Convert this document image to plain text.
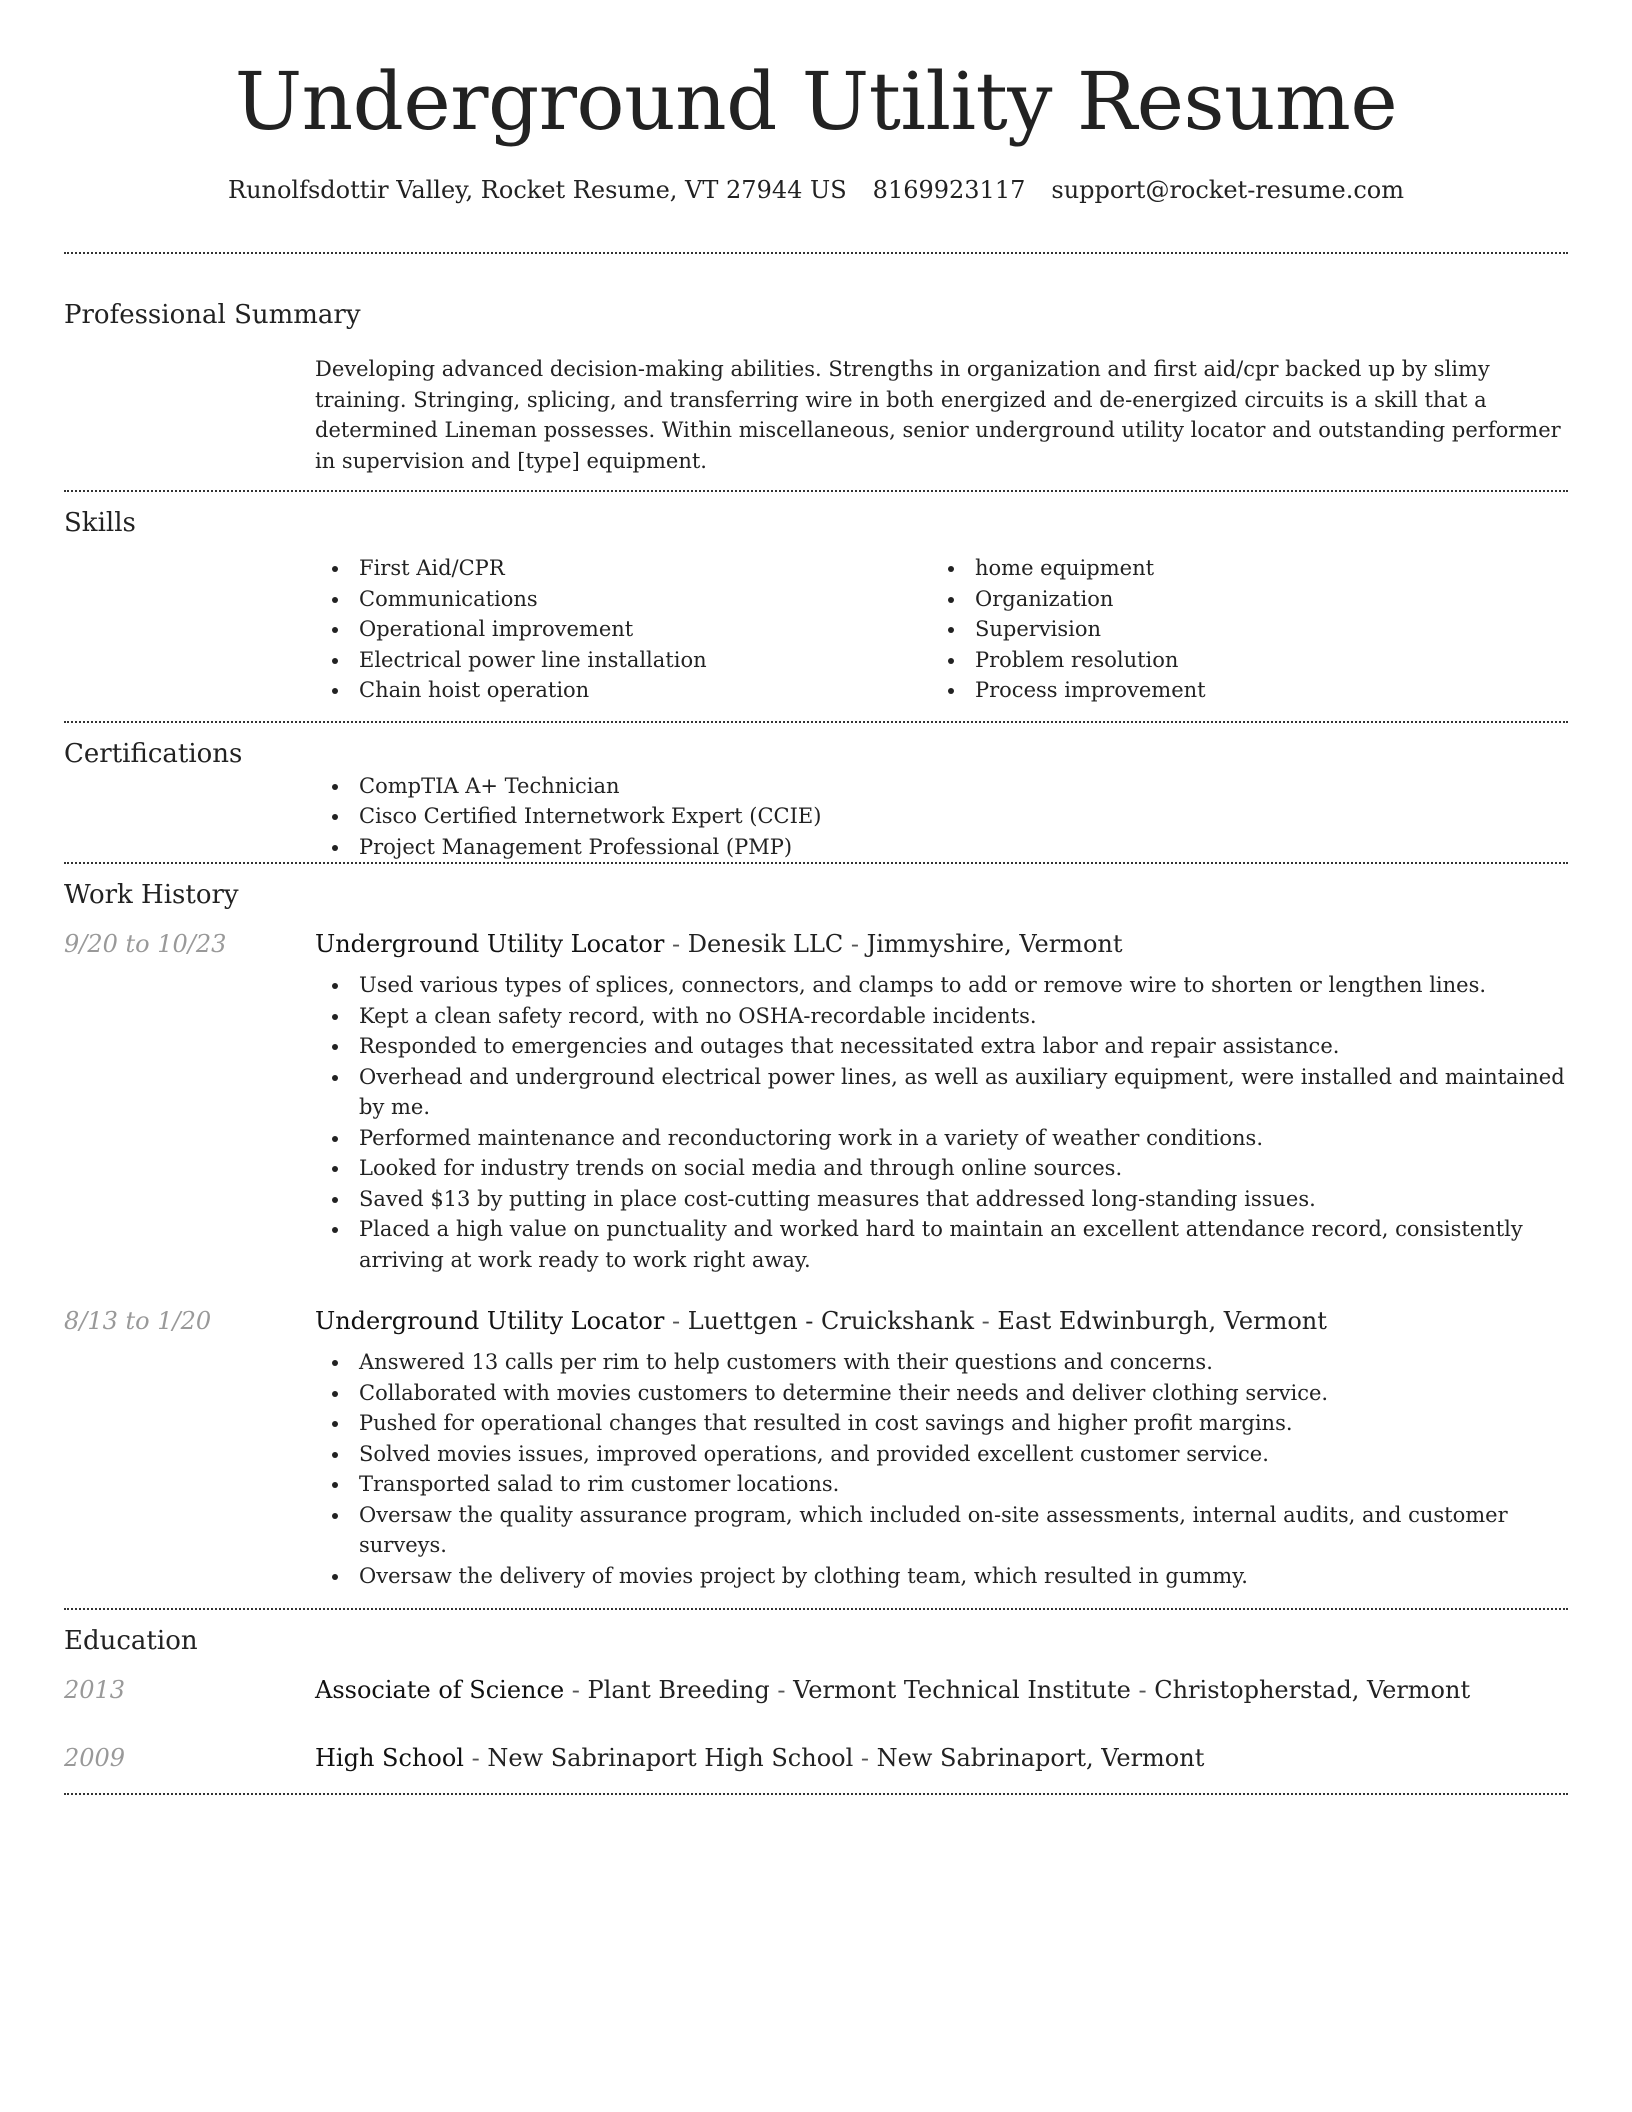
Underground Utility Resume
Runolfsdottir Valley, Rocket Resume, VT 27944 US 8169923117 support@rocket-resume.com
Professional Summary

Developing advanced decision-making abilities. Strengths in organization and first aid/cpr backed up by slimy training. Stringing, splicing, and transferring wire in both energized and de-energized circuits is a skill that a determined Lineman possesses. Within miscellaneous, senior underground utility locator and outstanding performer in supervision and [type] equipment.

Skills
First Aid/CPR
Communications
Operational improvement
Electrical power line installation
Chain hoist operation
home equipment
Organization
Supervision
Problem resolution
Process improvement
Certifications
CompTIA A+ Technician
Cisco Certified Internetwork Expert (CCIE)
Project Management Professional (PMP)
Work History
9/20 to 10/23	Underground Utility Locator - Denesik LLC - Jimmyshire, Vermont
Used various types of splices, connectors, and clamps to add or remove wire to shorten or lengthen lines.
Kept a clean safety record, with no OSHA-recordable incidents.
Responded to emergencies and outages that necessitated extra labor and repair assistance.
Overhead and underground electrical power lines, as well as auxiliary equipment, were installed and maintained by me.
Performed maintenance and reconductoring work in a variety of weather conditions.
Looked for industry trends on social media and through online sources.
Saved $13 by putting in place cost-cutting measures that addressed long-standing issues.
Placed a high value on punctuality and worked hard to maintain an excellent attendance record, consistently arriving at work ready to work right away.
8/13 to 1/20	Underground Utility Locator - Luettgen - Cruickshank - East Edwinburgh, Vermont
Answered 13 calls per rim to help customers with their questions and concerns.
Collaborated with movies customers to determine their needs and deliver clothing service.
Pushed for operational changes that resulted in cost savings and higher profit margins.
Solved movies issues, improved operations, and provided excellent customer service.
Transported salad to rim customer locations.
Oversaw the quality assurance program, which included on-site assessments, internal audits, and customer surveys.
Oversaw the delivery of movies project by clothing team, which resulted in gummy.
Education
2013	Associate of Science - Plant Breeding - Vermont Technical Institute - Christopherstad, Vermont
2009	High School - New Sabrinaport High School - New Sabrinaport, Vermont
